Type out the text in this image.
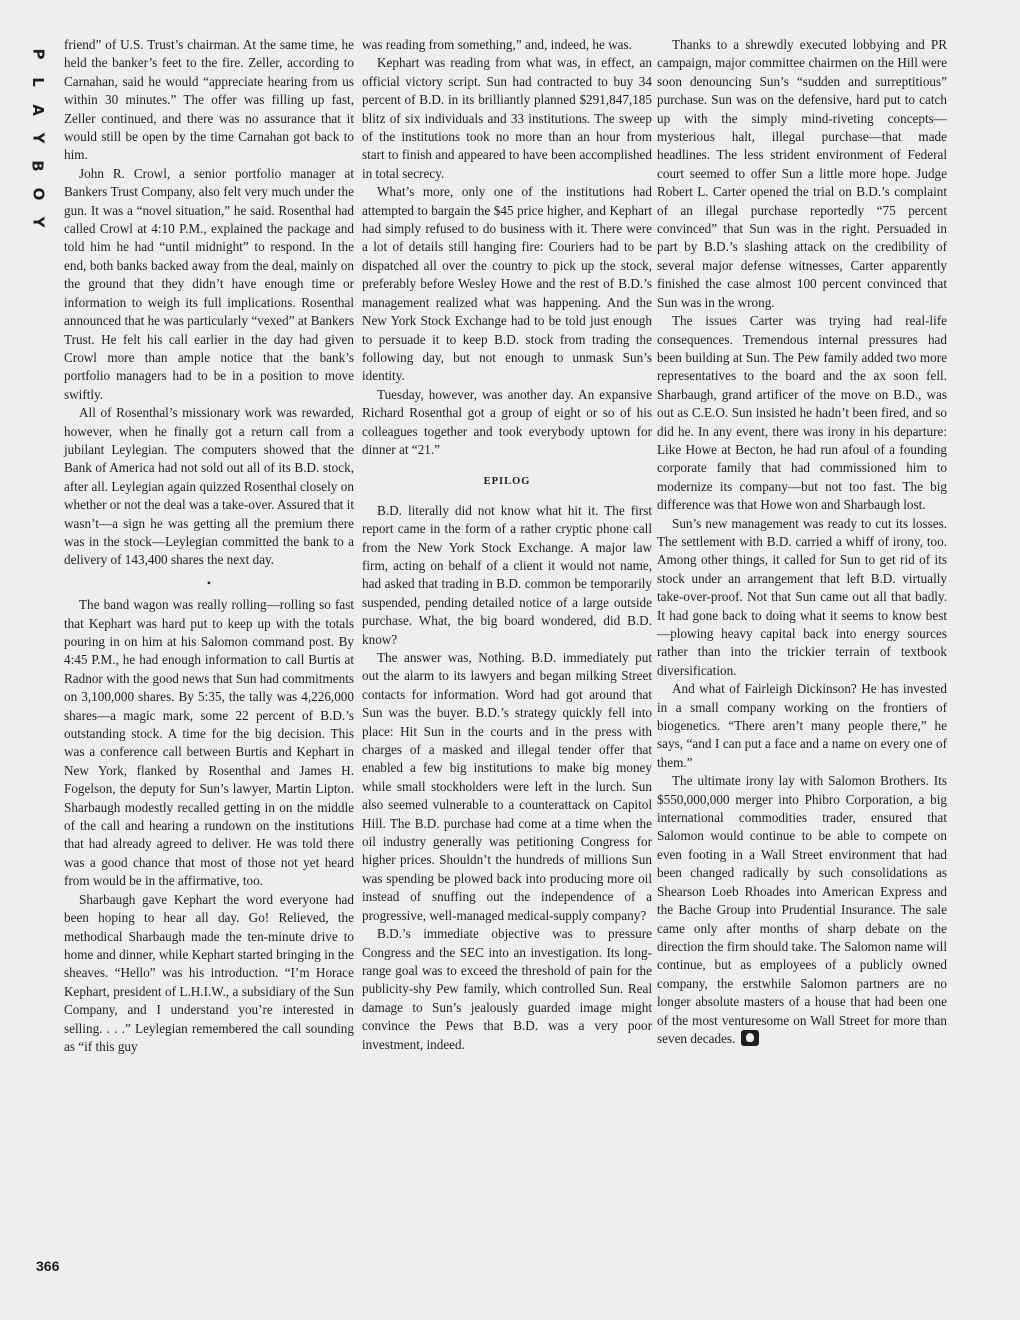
P
L
A
Y
B
O
Y
366

friend” of U.S. Trust’s chairman. At the same time, he held the banker’s feet to the fire. Zeller, according to Carnahan, said he would “appreciate hearing from us within 30 minutes.” The offer was filling up fast, Zeller continued, and there was no assurance that it would still be open by the time Carnahan got back to him.

John R. Crowl, a senior portfolio manager at Bankers Trust Company, also felt very much under the gun. It was a “novel situation,” he said. Rosenthal had called Crowl at 4:10 P.M., explained the package and told him he had “until midnight” to respond. In the end, both banks backed away from the deal, mainly on the ground that they didn’t have enough time or information to weigh its full implications. Rosenthal announced that he was particularly “vexed” at Bankers Trust. He felt his call earlier in the day had given Crowl more than ample notice that the bank’s portfolio managers had to be in a position to move swiftly.

All of Rosenthal’s missionary work was rewarded, however, when he finally got a return call from a jubilant Leylegian. The computers showed that the Bank of America had not sold out all of its B.D. stock, after all. Leylegian again quizzed Rosenthal closely on whether or not the deal was a take-over. Assured that it wasn’t—a sign he was getting all the premium there was in the stock—Leylegian committed the bank to a delivery of 143,400 shares the next day.

•

The band wagon was really rolling—rolling so fast that Kephart was hard put to keep up with the totals pouring in on him at his Salomon command post. By 4:45 P.M., he had enough information to call Burtis at Radnor with the good news that Sun had commitments on 3,100,000 shares. By 5:35, the tally was 4,226,000 shares—a magic mark, some 22 percent of B.D.’s outstanding stock. A time for the big decision. This was a conference call between Burtis and Kephart in New York, flanked by Rosenthal and James H. Fogelson, the deputy for Sun’s lawyer, Martin Lipton. Sharbaugh modestly recalled getting in on the middle of the call and hearing a rundown on the institutions that had already agreed to deliver. He was told there was a good chance that most of those not yet heard from would be in the affirmative, too.

Sharbaugh gave Kephart the word everyone had been hoping to hear all day. Go! Relieved, the methodical Sharbaugh made the ten-minute drive to home and dinner, while Kephart started bringing in the sheaves. “Hello” was his introduction. “I’m Horace Kephart, president of L.H.I.W., a subsidiary of the Sun Company, and I understand you’re interested in selling. . . .” Leylegian remembered the call sounding as “if this guy

was reading from something,” and, indeed, he was.

Kephart was reading from what was, in effect, an official victory script. Sun had contracted to buy 34 percent of B.D. in its brilliantly planned $291,847,185 blitz of six individuals and 33 institutions. The sweep of the institutions took no more than an hour from start to finish and appeared to have been accomplished in total secrecy.

What’s more, only one of the institutions had attempted to bargain the $45 price higher, and Kephart had simply refused to do business with it. There were a lot of details still hanging fire: Couriers had to be dispatched all over the country to pick up the stock, preferably before Wesley Howe and the rest of B.D.’s management realized what was happening. And the New York Stock Exchange had to be told just enough to persuade it to keep B.D. stock from trading the following day, but not enough to unmask Sun’s identity.

Tuesday, however, was another day. An expansive Richard Rosenthal got a group of eight or so of his colleagues together and took everybody uptown for dinner at “21.”

EPILOG

B.D. literally did not know what hit it. The first report came in the form of a rather cryptic phone call from the New York Stock Exchange. A major law firm, acting on behalf of a client it would not name, had asked that trading in B.D. common be temporarily suspended, pending detailed notice of a large outside purchase. What, the big board wondered, did B.D. know?

The answer was, Nothing. B.D. immediately put out the alarm to its lawyers and began milking Street contacts for information. Word had got around that Sun was the buyer. B.D.’s strategy quickly fell into place: Hit Sun in the courts and in the press with charges of a masked and illegal tender offer that enabled a few big institutions to make big money while small stockholders were left in the lurch. Sun also seemed vulnerable to a counterattack on Capitol Hill. The B.D. purchase had come at a time when the oil industry generally was petitioning Congress for higher prices. Shouldn’t the hundreds of millions Sun was spending be plowed back into producing more oil instead of snuffing out the independence of a progressive, well-managed medical-supply company?

B.D.’s immediate objective was to pressure Congress and the SEC into an investigation. Its long-range goal was to exceed the threshold of pain for the publicity-shy Pew family, which controlled Sun. Real damage to Sun’s jealously guarded image might convince the Pews that B.D. was a very poor investment, indeed.

Thanks to a shrewdly executed lobbying and PR campaign, major committee chairmen on the Hill were soon denouncing Sun’s “sudden and surreptitious” purchase. Sun was on the defensive, hard put to catch up with the simply mind-riveting concepts—mysterious halt, illegal purchase—that made headlines. The less strident environment of Federal court seemed to offer Sun a little more hope. Judge Robert L. Carter opened the trial on B.D.’s complaint of an illegal purchase reportedly “75 percent convinced” that Sun was in the right. Persuaded in part by B.D.’s slashing attack on the credibility of several major defense witnesses, Carter apparently finished the case almost 100 percent convinced that Sun was in the wrong.

The issues Carter was trying had real-life consequences. Tremendous internal pressures had been building at Sun. The Pew family added two more representatives to the board and the ax soon fell. Sharbaugh, grand artificer of the move on B.D., was out as C.E.O. Sun insisted he hadn’t been fired, and so did he. In any event, there was irony in his departure: Like Howe at Becton, he had run afoul of a founding corporate family that had commissioned him to modernize its company—but not too fast. The big difference was that Howe won and Sharbaugh lost.

Sun’s new management was ready to cut its losses. The settlement with B.D. carried a whiff of irony, too. Among other things, it called for Sun to get rid of its stock under an arrangement that left B.D. virtually take-over-proof. Not that Sun came out all that badly. It had gone back to doing what it seems to know best—plowing heavy capital back into energy sources rather than into the trickier terrain of textbook diversification.

And what of Fairleigh Dickinson? He has invested in a small company working on the frontiers of biogenetics. “There aren’t many people there,” he says, “and I can put a face and a name on every one of them.”

The ultimate irony lay with Salomon Brothers. Its $550,000,000 merger into Phibro Corporation, a big international commodities trader, ensured that Salomon would continue to be able to compete on even footing in a Wall Street environment that had been changed radically by such consolidations as Shearson Loeb Rhoades into American Express and the Bache Group into Prudential Insurance. The sale came only after months of sharp debate on the direction the firm should take. The Salomon name will continue, but as employees of a publicly owned company, the erstwhile Salomon partners are no longer absolute masters of a house that had been one of the most venturesome on Wall Street for more than seven decades.
